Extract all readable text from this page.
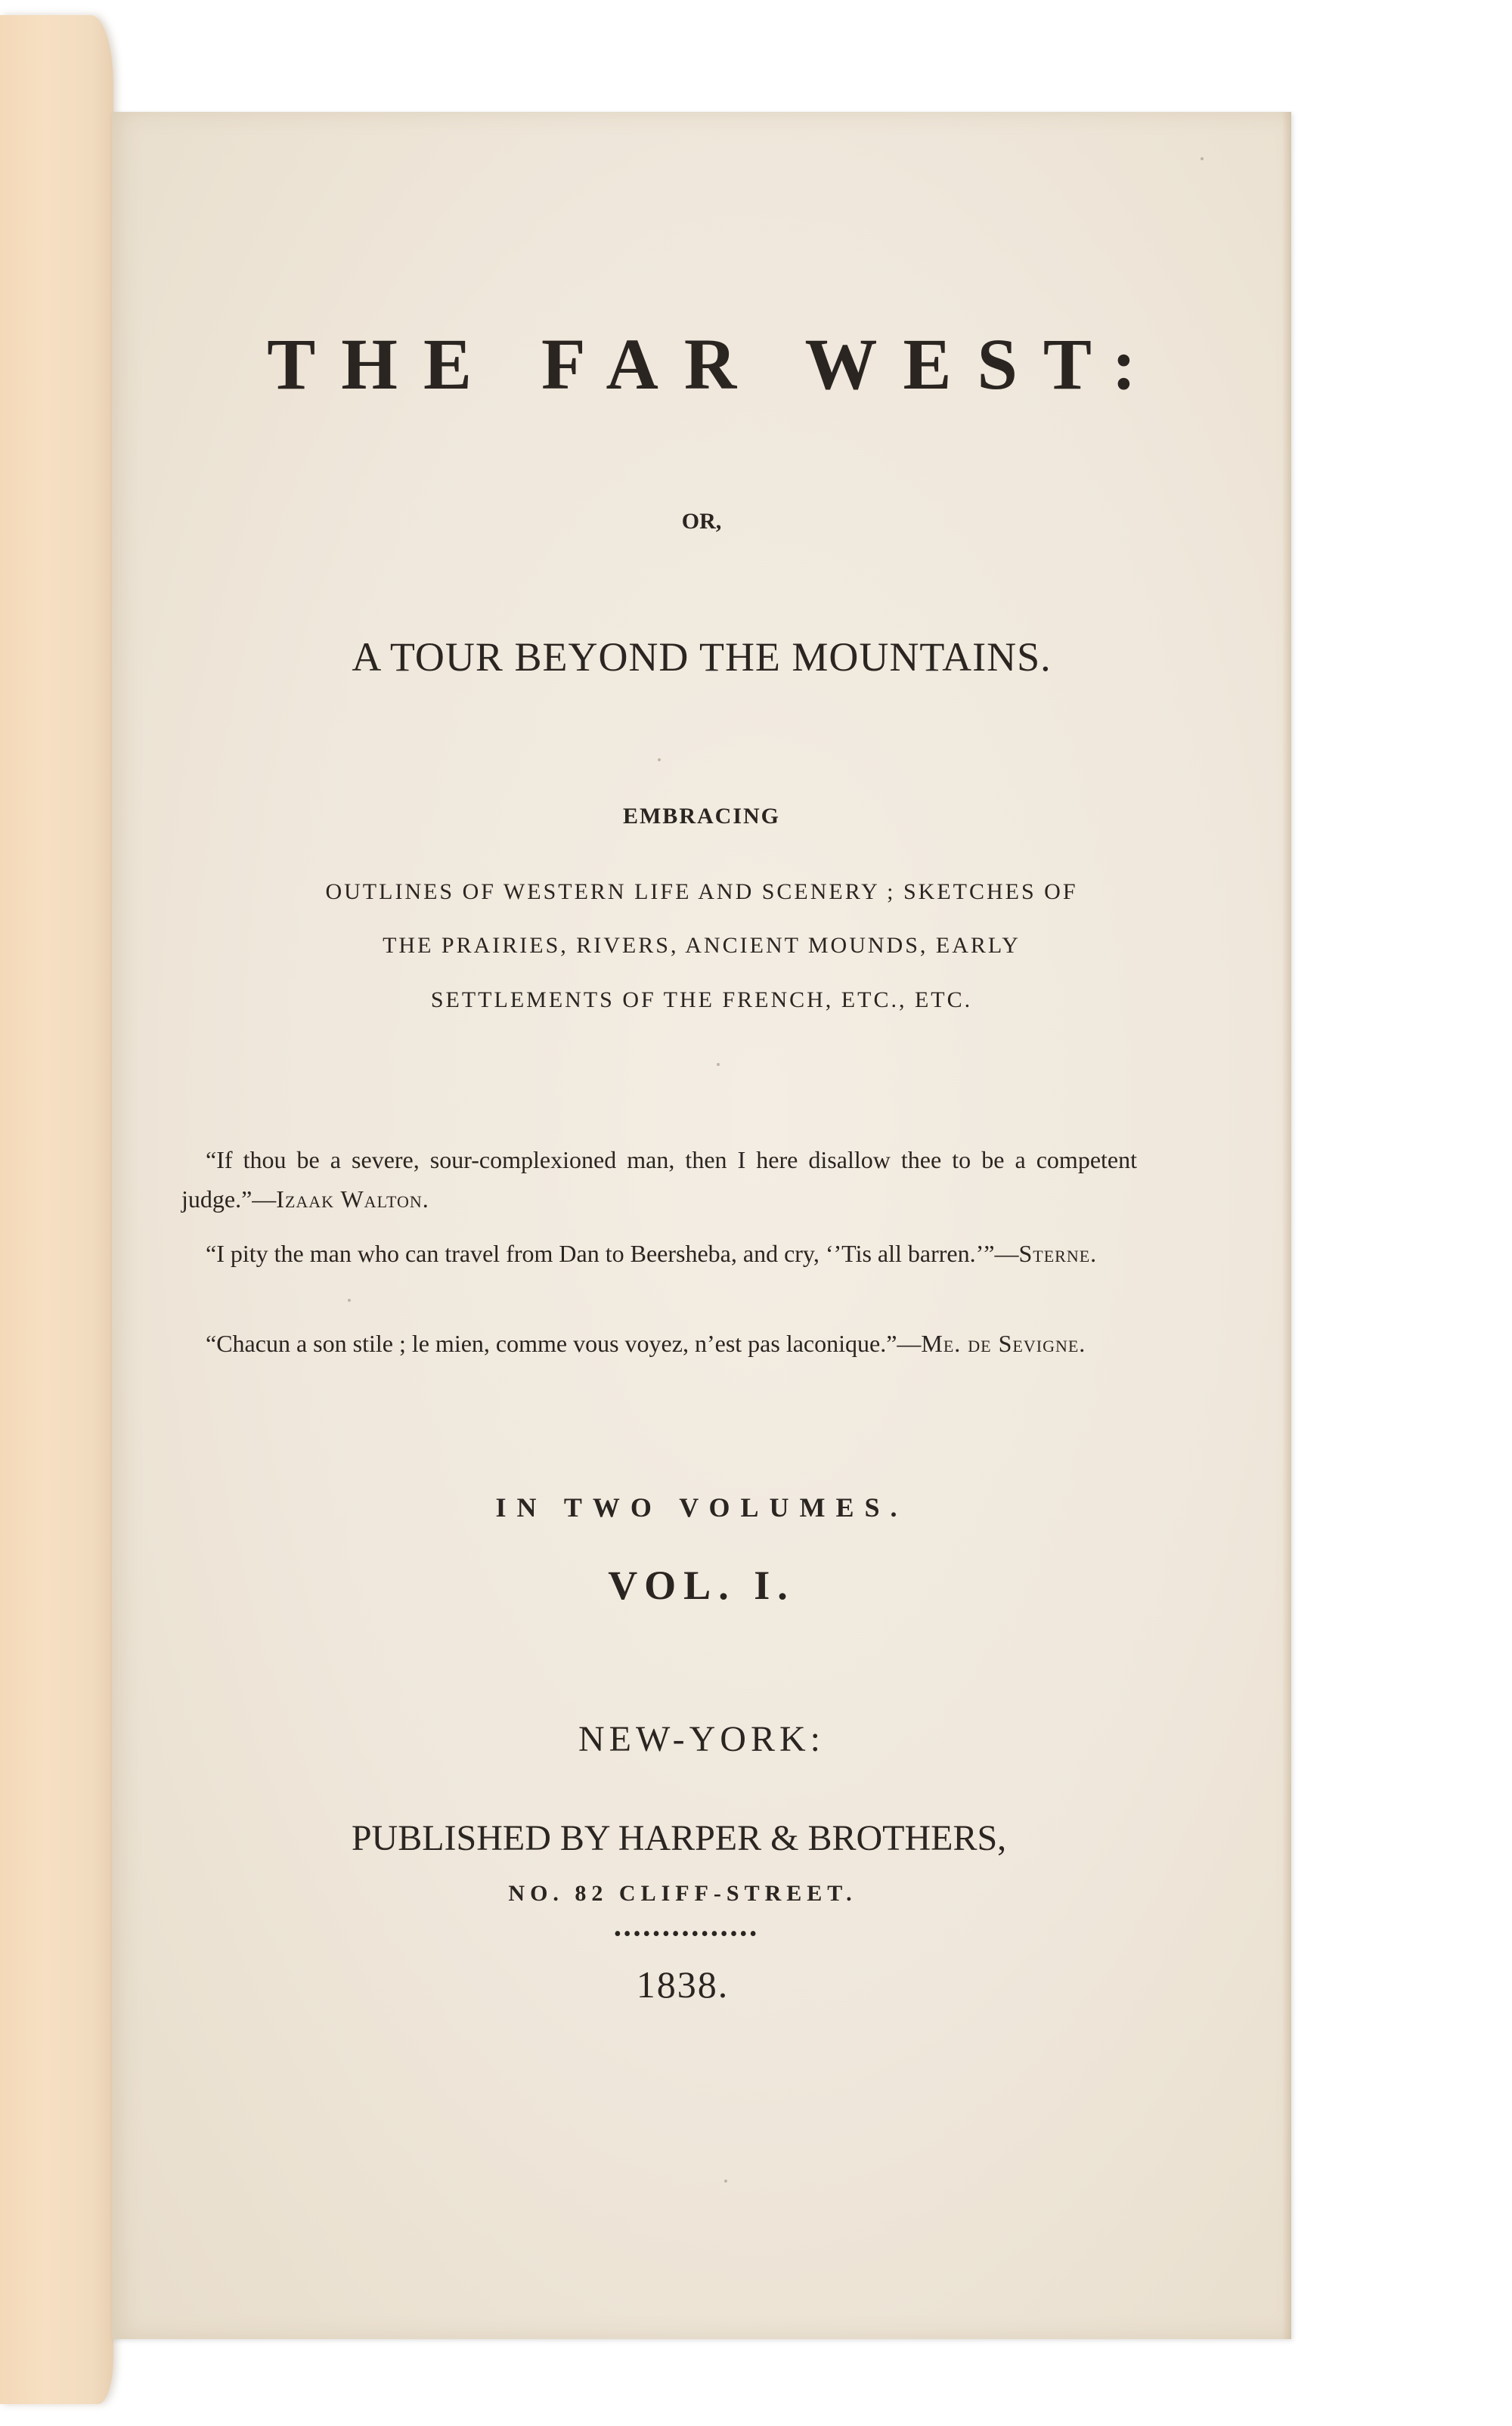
THE FAR WEST:
OR,
A TOUR BEYOND THE MOUNTAINS.
EMBRACING
OUTLINES OF WESTERN LIFE AND SCENERY ; SKETCHES OF
THE PRAIRIES, RIVERS, ANCIENT MOUNDS, EARLY
SETTLEMENTS OF THE FRENCH, ETC., ETC.
“If thou be a severe, sour-complexioned man, then I here disallow thee to be a competent judge.”—Izaak Walton.
“I pity the man who can travel from Dan to Beersheba, and cry, ‘’Tis all barren.’”—Sterne.
“Chacun a son stile ; le mien, comme vous voyez, n’est pas laconique.”—Me. de Sevigne.
IN TWO VOLUMES.
VOL. I.
NEW-YORK:
PUBLISHED BY HARPER & BROTHERS,
NO. 82 CLIFF-STREET.
•••••••••••••••
1838.
